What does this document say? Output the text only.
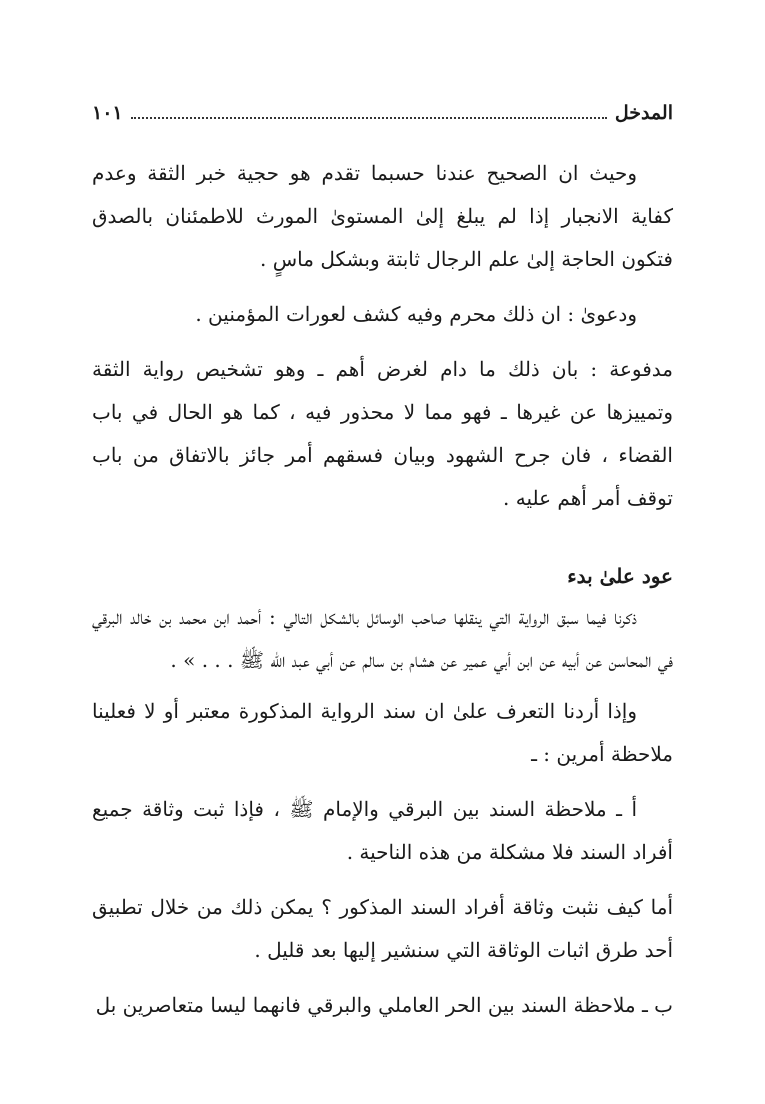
المدخل
١٠١

وحيث ان الصحيح عندنا حسبما تقدم هو حجية خبر الثقة وعدم كفاية الانجبار إذا لم يبلغ إلىٰ المستوىٰ المورث للاطمئنان بالصدق فتكون الحاجة إلىٰ علم الرجال ثابتة وبشكل ماسٍ .

ودعوىٰ : ان ذلك محرم وفيه كشف لعورات المؤمنين .

مدفوعة : بان ذلك ما دام لغرض أهم ـ وهو تشخيص رواية الثقة وتمييزها عن غيرها ـ فهو مما لا محذور فيه ، كما هو الحال في باب القضاء ، فان جرح الشهود وبيان فسقهم أمر جائز بالاتفاق من باب توقف أمر أهم عليه .

عود علىٰ بدء

ذكرنا فيما سبق الرواية التي ينقلها صاحب الوسائل بالشكل التالي : أحمد ابن محمد بن خالد البرقي في المحاسن عن أبيه عن ابن أبي عمير عن هشام بن سالم عن أبي عبد الله ﷺ . . . » .

وإذا أردنا التعرف علىٰ ان سند الرواية المذكورة معتبر أو لا فعلينا ملاحظة أمرين : ـ

أ ـ ملاحظة السند بين البرقي والإمام ﷺ ، فإذا ثبت وثاقة جميع أفراد السند فلا مشكلة من هذه الناحية .

أما كيف نثبت وثاقة أفراد السند المذكور ؟ يمكن ذلك من خلال تطبيق أحد طرق اثبات الوثاقة التي سنشير إليها بعد قليل .

ب ـ ملاحظة السند بين الحر العاملي والبرقي فانهما ليسا متعاصرين بل
